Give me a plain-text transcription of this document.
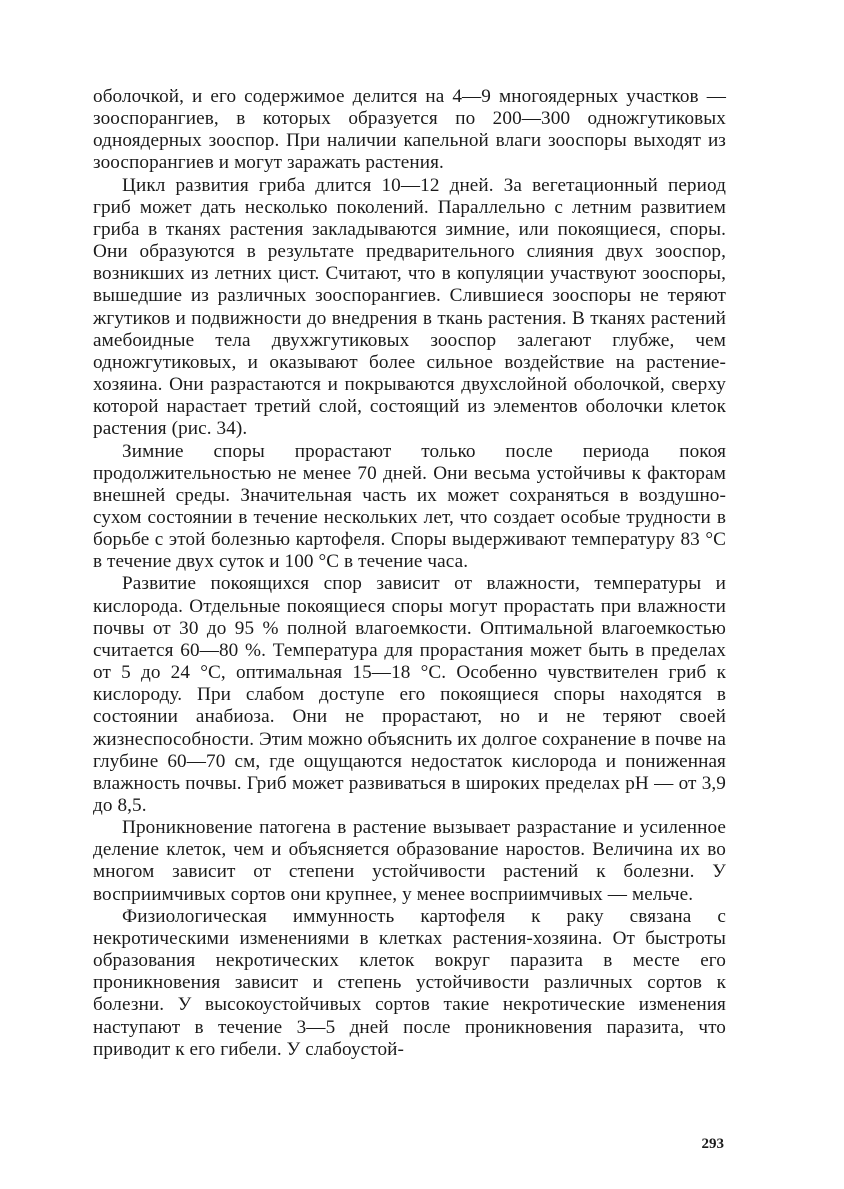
оболочкой, и его содержимое делится на 4—9 многоядерных участков — зооспорангиев, в которых образуется по 200—300 одножгутиковых одноядерных зооспор. При наличии капельной влаги зооспоры выходят из зооспорангиев и могут заражать растения.

Цикл развития гриба длится 10—12 дней. За вегетационный период гриб может дать несколько поколений. Параллельно с летним развитием гриба в тканях растения закладываются зимние, или покоящиеся, споры. Они образуются в результате предварительного слияния двух зооспор, возникших из летних цист. Считают, что в копуляции участвуют зооспоры, вышедшие из различных зооспорангиев. Слившиеся зооспоры не теряют жгутиков и подвижности до внедрения в ткань растения. В тканях растений амебоидные тела двухжгутиковых зооспор залегают глубже, чем одножгутиковых, и оказывают более сильное воздействие на растение-хозяина. Они разрастаются и покрываются двухслойной оболочкой, сверху которой нарастает третий слой, состоящий из элементов оболочки клеток растения (рис. 34).

Зимние споры прорастают только после периода покоя продолжительностью не менее 70 дней. Они весьма устойчивы к факторам внешней среды. Значительная часть их может сохраняться в воздушно-сухом состоянии в течение нескольких лет, что создает особые трудности в борьбе с этой болезнью картофеля. Споры выдерживают температуру 83 °С в течение двух суток и 100 °С в течение часа.

Развитие покоящихся спор зависит от влажности, температуры и кислорода. Отдельные покоящиеся споры могут прорастать при влажности почвы от 30 до 95 % полной влагоемкости. Оптимальной влагоемкостью считается 60—80 %. Температура для прорастания может быть в пределах от 5 до 24 °С, оптимальная 15—18 °С. Особенно чувствителен гриб к кислороду. При слабом доступе его покоящиеся споры находятся в состоянии анабиоза. Они не прорастают, но и не теряют своей жизнеспособности. Этим можно объяснить их долгое сохранение в почве на глубине 60—70 см, где ощущаются недостаток кислорода и пониженная влажность почвы. Гриб может развиваться в широких пределах рН — от 3,9 до 8,5.

Проникновение патогена в растение вызывает разрастание и усиленное деление клеток, чем и объясняется образование наростов. Величина их во многом зависит от степени устойчивости растений к болезни. У восприимчивых сортов они крупнее, у менее восприимчивых — мельче.

Физиологическая иммунность картофеля к раку связана с некротическими изменениями в клетках растения-хозяина. От быстроты образования некротических клеток вокруг паразита в месте его проникновения зависит и степень устойчивости различных сортов к болезни. У высокоустойчивых сортов такие некротические изменения наступают в течение 3—5 дней после проникновения паразита, что приводит к его гибели. У слабоустой-

293
